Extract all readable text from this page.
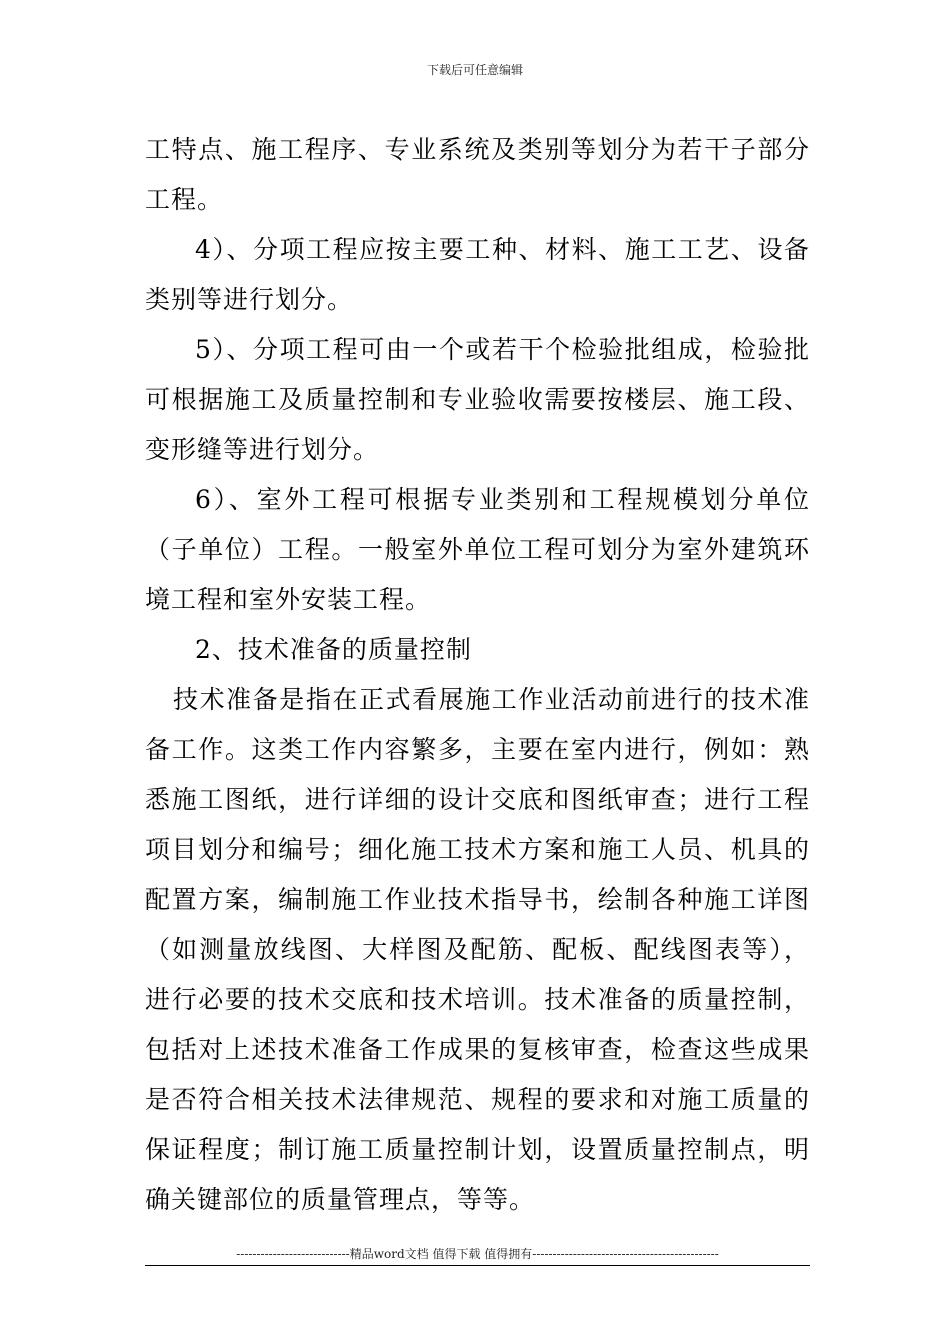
下载后可任意编辑
工特点、施工程序、专业系统及类别等划分为若干子部分
工程。
4）、分项工程应按主要工种、材料、施工工艺、设备
类别等进行划分。
5）、分项工程可由一个或若干个检验批组成，检验批
可根据施工及质量控制和专业验收需要按楼层、施工段、
变形缝等进行划分。
6）、室外工程可根据专业类别和工程规模划分单位
（子单位）工程。一般室外单位工程可划分为室外建筑环
境工程和室外安装工程。
2、技术准备的质量控制
技术准备是指在正式看展施工作业活动前进行的技术准
备工作。这类工作内容繁多，主要在室内进行，例如：熟
悉施工图纸，进行详细的设计交底和图纸审查；进行工程
项目划分和编号；细化施工技术方案和施工人员、机具的
配置方案，编制施工作业技术指导书，绘制各种施工详图
（如测量放线图、大样图及配筋、配板、配线图表等），
进行必要的技术交底和技术培训。技术准备的质量控制，
包括对上述技术准备工作成果的复核审查，检查这些成果
是否符合相关技术法律规范、规程的要求和对施工质量的
保证程度；制订施工质量控制计划，设置质量控制点，明
确关键部位的质量管理点，等等。
----------------------------精品word文档 值得下载 值得拥有----------------------------------------------
